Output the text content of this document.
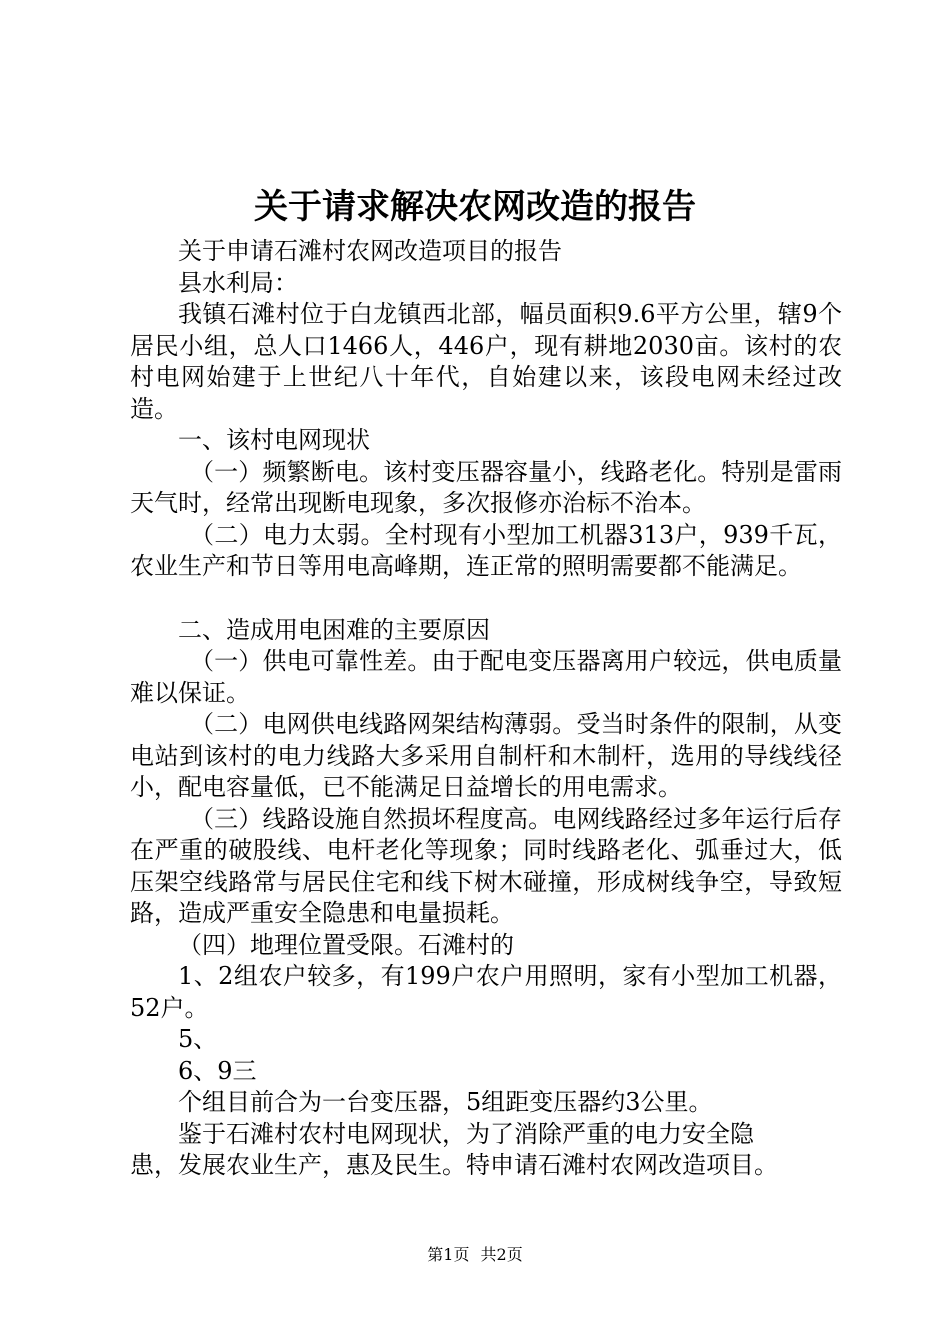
关于请求解决农网改造的报告

关于申请石滩村农网改造项目的报告

县水利局：

我镇石滩村位于白龙镇西北部，幅员面积9.6平方公里，辖9个居民小组，总人口1466人，446户，现有耕地2030亩。该村的农村电网始建于上世纪八十年代，自始建以来，该段电网未经过改造。

一、该村电网现状

（一）频繁断电。该村变压器容量小，线路老化。特别是雷雨天气时，经常出现断电现象，多次报修亦治标不治本。

（二）电力太弱。全村现有小型加工机器313户，939千瓦，农业生产和节日等用电高峰期，连正常的照明需要都不能满足。

二、造成用电困难的主要原因

（一）供电可靠性差。由于配电变压器离用户较远，供电质量难以保证。

（二）电网供电线路网架结构薄弱。受当时条件的限制，从变电站到该村的电力线路大多采用自制杆和木制杆，选用的导线线径小，配电容量低，已不能满足日益增长的用电需求。

（三）线路设施自然损坏程度高。电网线路经过多年运行后存在严重的破股线、电杆老化等现象；同时线路老化、弧垂过大，低压架空线路常与居民住宅和线下树木碰撞，形成树线争空，导致短路，造成严重安全隐患和电量损耗。

（四）地理位置受限。石滩村的

1、2组农户较多，有199户农户用照明，家有小型加工机器，52户。

5、

6、9三

个组目前合为一台变压器，5组距变压器约3公里。

鉴于石滩村农村电网现状，为了消除严重的电力安全隐

患，发展农业生产，惠及民生。特申请石滩村农网改造项目。

第1页 共2页
